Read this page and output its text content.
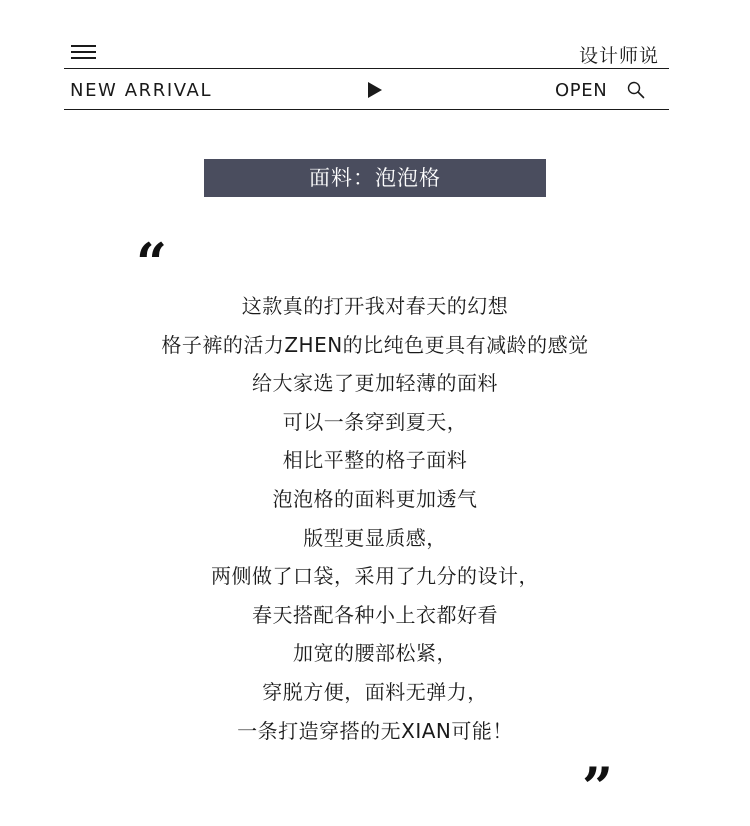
设计师说
NEW ARRIVAL	OPEN
面料：泡泡格
“
这款真的打开我对春天的幻想
格子裤的活力ZHEN的比纯色更具有减龄的感觉
给大家选了更加轻薄的面料
可以一条穿到夏天，
相比平整的格子面料
泡泡格的面料更加透气
版型更显质感，
两侧做了口袋，采用了九分的设计，
春天搭配各种小上衣都好看
加宽的腰部松紧，
穿脱方便，面料无弹力，
一条打造穿搭的无XIAN可能！
”
